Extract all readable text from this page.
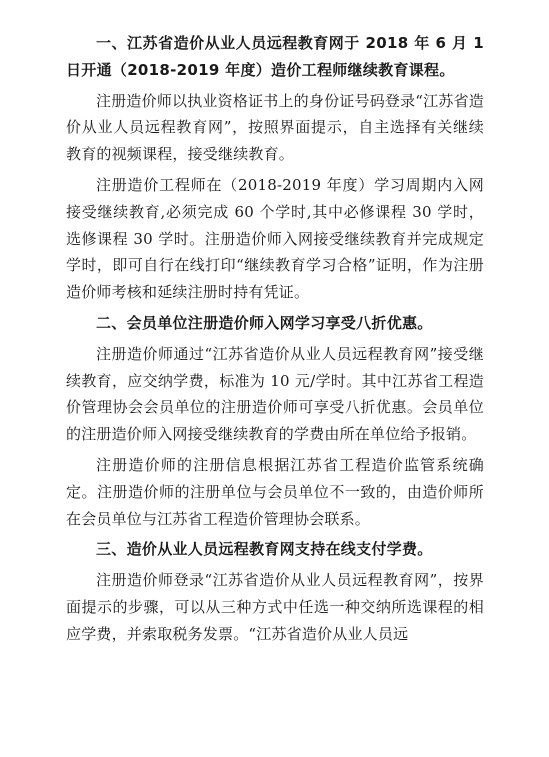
一、江苏省造价从业人员远程教育网于 2018 年 6 月 1 日开通（2018-2019 年度）造价工程师继续教育课程。

注册造价师以执业资格证书上的身份证号码登录“江苏省造价从业人员远程教育网”，按照界面提示，自主选择有关继续教育的视频课程，接受继续教育。

注册造价工程师在（2018-2019 年度）学习周期内入网接受继续教育,必须完成 60 个学时,其中必修课程 30 学时，选修课程 30 学时。注册造价师入网接受继续教育并完成规定学时，即可自行在线打印“继续教育学习合格”证明，作为注册造价师考核和延续注册时持有凭证。

二、会员单位注册造价师入网学习享受八折优惠。

注册造价师通过“江苏省造价从业人员远程教育网”接受继续教育，应交纳学费，标准为 10 元/学时。其中江苏省工程造价管理协会会员单位的注册造价师可享受八折优惠。会员单位的注册造价师入网接受继续教育的学费由所在单位给予报销。

注册造价师的注册信息根据江苏省工程造价监管系统确定。注册造价师的注册单位与会员单位不一致的，由造价师所在会员单位与江苏省工程造价管理协会联系。

三、造价从业人员远程教育网支持在线支付学费。

注册造价师登录“江苏省造价从业人员远程教育网”，按界面提示的步骤，可以从三种方式中任选一种交纳所选课程的相应学费，并索取税务发票。“江苏省造价从业人员远
